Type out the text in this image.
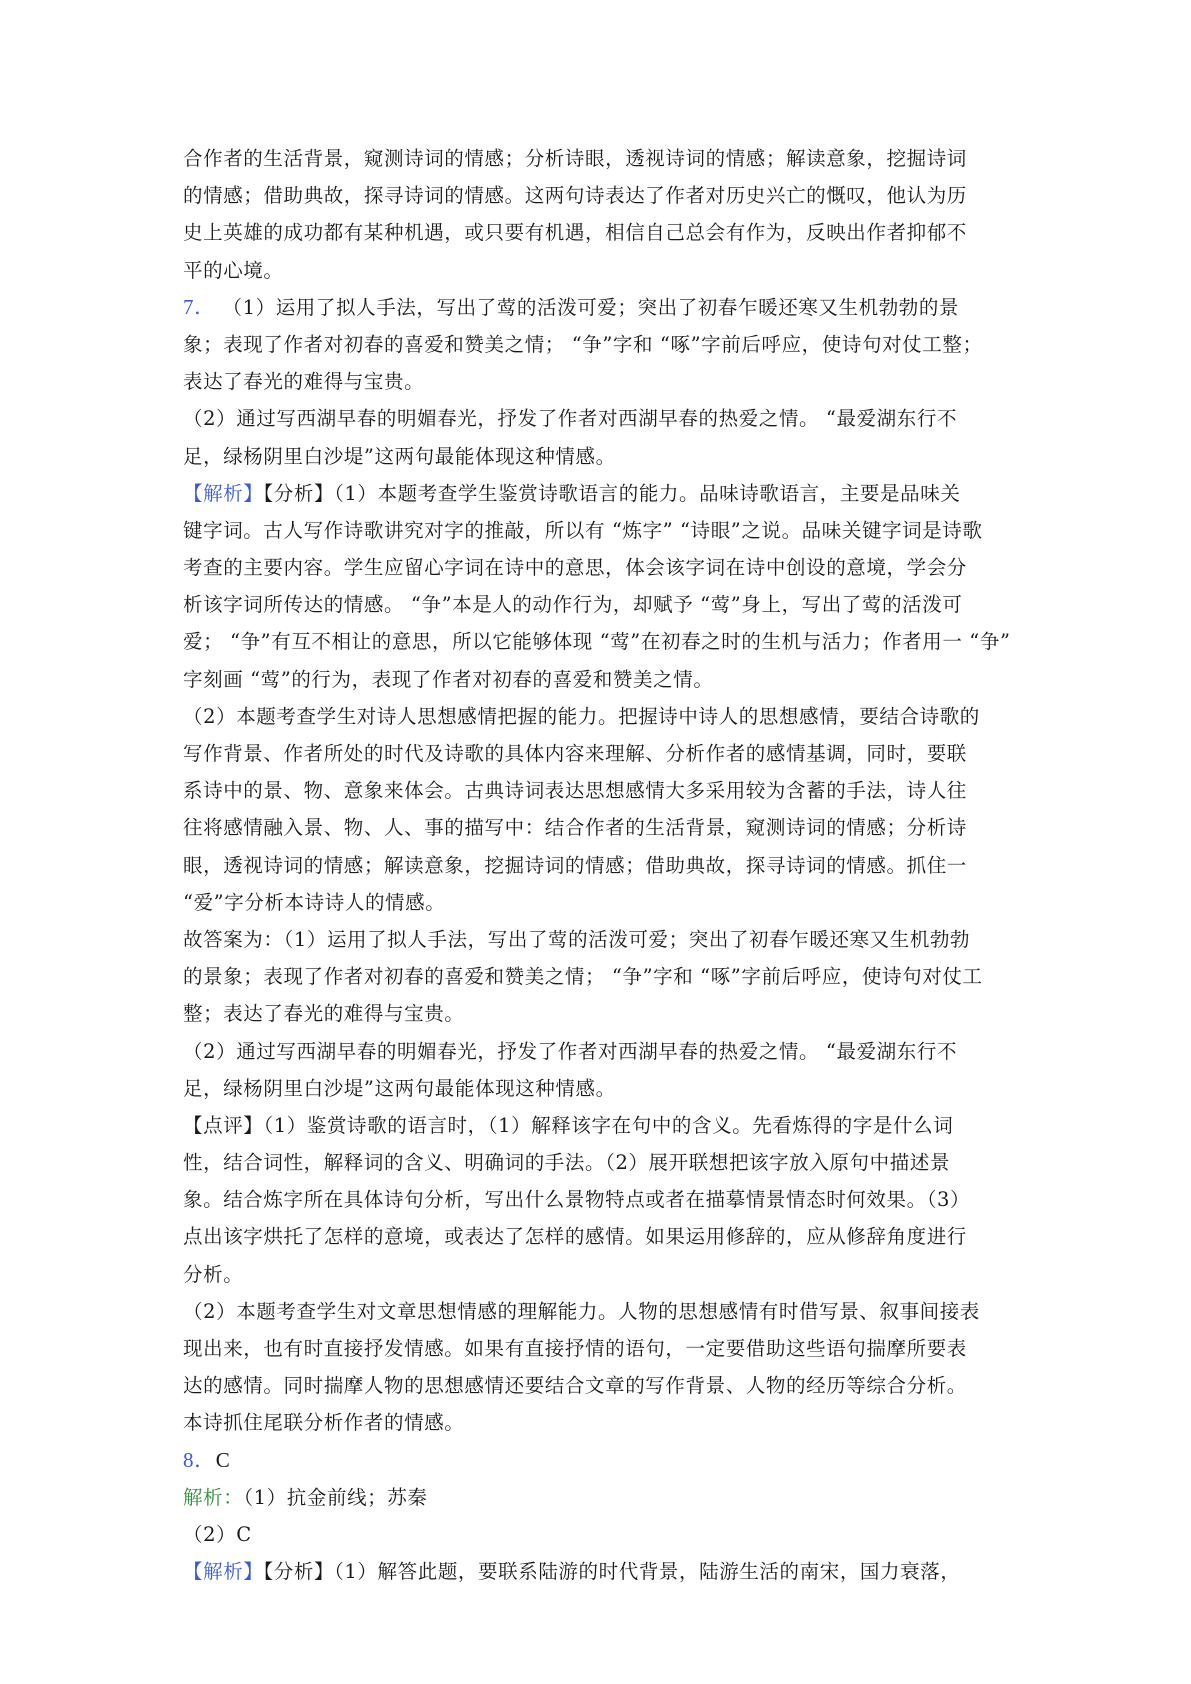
合作者的生活背景，窥测诗词的情感；分析诗眼，透视诗词的情感；解读意象，挖掘诗词
的情感；借助典故，探寻诗词的情感。这两句诗表达了作者对历史兴亡的慨叹，他认为历
史上英雄的成功都有某种机遇，或只要有机遇，相信自己总会有作为，反映出作者抑郁不
平的心境。
7． （1）运用了拟人手法，写出了莺的活泼可爱；突出了初春乍暖还寒又生机勃勃的景
象；表现了作者对初春的喜爱和赞美之情； “争”字和 “啄”字前后呼应，使诗句对仗工整；
表达了春光的难得与宝贵。
（2）通过写西湖早春的明媚春光，抒发了作者对西湖早春的热爱之情。 “最爱湖东行不
足，绿杨阴里白沙堤”这两句最能体现这种情感。
【解析】【分析】（1）本题考查学生鉴赏诗歌语言的能力。品味诗歌语言，主要是品味关
键字词。古人写作诗歌讲究对字的推敲，所以有 “炼字” “诗眼”之说。品味关键字词是诗歌
考查的主要内容。学生应留心字词在诗中的意思，体会该字词在诗中创设的意境，学会分
析该字词所传达的情感。 “争”本是人的动作行为，却赋予 “莺”身上，写出了莺的活泼可
爱； “争”有互不相让的意思，所以它能够体现 “莺”在初春之时的生机与活力；作者用一 “争”
字刻画 “莺”的行为，表现了作者对初春的喜爱和赞美之情。
（2）本题考查学生对诗人思想感情把握的能力。把握诗中诗人的思想感情，要结合诗歌的
写作背景、作者所处的时代及诗歌的具体内容来理解、分析作者的感情基调，同时，要联
系诗中的景、物、意象来体会。古典诗词表达思想感情大多采用较为含蓄的手法，诗人往
往将感情融入景、物、人、事的描写中：结合作者的生活背景，窥测诗词的情感；分析诗
眼，透视诗词的情感；解读意象，挖掘诗词的情感；借助典故，探寻诗词的情感。抓住一
“爱”字分析本诗诗人的情感。
故答案为：（1）运用了拟人手法，写出了莺的活泼可爱；突出了初春乍暖还寒又生机勃勃
的景象；表现了作者对初春的喜爱和赞美之情； “争”字和 “啄”字前后呼应，使诗句对仗工
整；表达了春光的难得与宝贵。
（2）通过写西湖早春的明媚春光，抒发了作者对西湖早春的热爱之情。 “最爱湖东行不
足，绿杨阴里白沙堤”这两句最能体现这种情感。
【点评】（1）鉴赏诗歌的语言时，（1）解释该字在句中的含义。先看炼得的字是什么词
性，结合词性，解释词的含义、明确词的手法。（2）展开联想把该字放入原句中描述景
象。结合炼字所在具体诗句分析，写出什么景物特点或者在描摹情景情态时何效果。（3）
点出该字烘托了怎样的意境，或表达了怎样的感情。如果运用修辞的，应从修辞角度进行
分析。
（2）本题考查学生对文章思想情感的理解能力。人物的思想感情有时借写景、叙事间接表
现出来，也有时直接抒发情感。如果有直接抒情的语句，一定要借助这些语句揣摩所要表
达的感情。同时揣摩人物的思想感情还要结合文章的写作背景、人物的经历等综合分析。
本诗抓住尾联分析作者的情感。
8．C
解析：（1）抗金前线；苏秦
（2）C
【解析】【分析】（1）解答此题，要联系陆游的时代背景，陆游生活的南宋，国力衰落，
